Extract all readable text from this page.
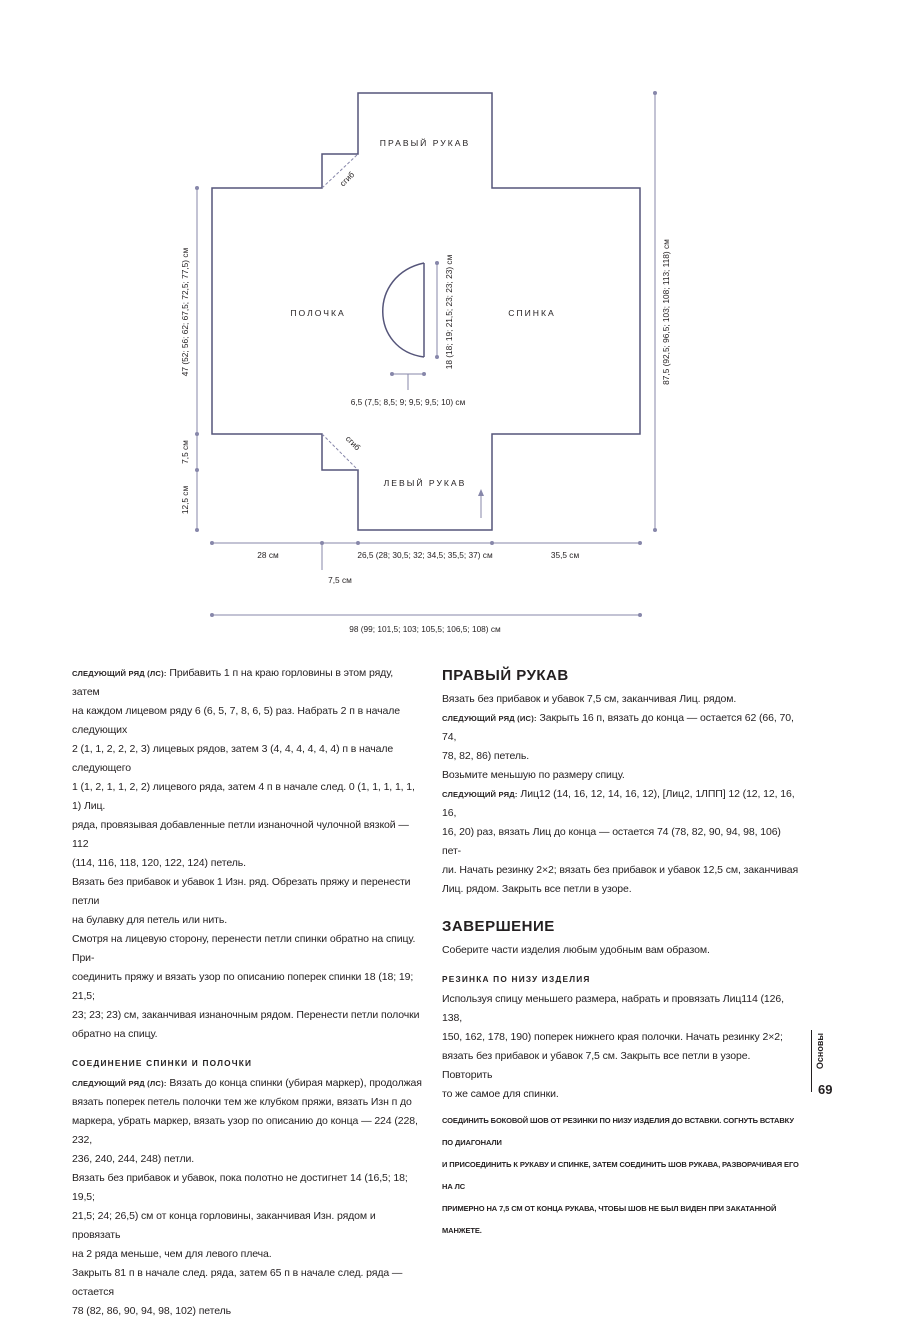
ПРАВЫЙ РУКАВ
ЛЕВЫЙ РУКАВ
ПОЛОЧКА	СПИНКА
сгиб
сгиб
47 (52; 56; 62; 67,5; 72,5; 77,5) см
7,5 см
12,5 см
87,5 (92,5; 96,5; 103; 108; 113; 118) см
18 (18; 19; 21,5; 23; 23; 23) см
6,5 (7,5; 8,5; 9; 9,5; 9,5; 10) см
28 см
7,5 см
26,5 (28; 30,5; 32; 34,5; 35,5; 37) см	35,5 см
98 (99; 101,5; 103; 105,5; 106,5; 108) см

СЛЕДУЮЩИЙ РЯД (ЛС): Прибавить 1 п на краю горловины в этом ряду, затем
на каждом лицевом ряду 6 (6, 5, 7, 8, 6, 5) раз. Набрать 2 п в начале следующих
2 (1, 1, 2, 2, 2, 3) лицевых рядов, затем 3 (4, 4, 4, 4, 4, 4) п в начале следующего
1 (1, 2, 1, 1, 2, 2) лицевого ряда, затем 4 п в начале след. 0 (1, 1, 1, 1, 1, 1) Лиц.
ряда, провязывая добавленные петли изнаночной чулочной вязкой — 112
(114, 116, 118, 120, 122, 124) петель.

Вязать без прибавок и убавок 1 Изн. ряд. Обрезать пряжу и перенести петли
на булавку для петель или нить.

Смотря на лицевую сторону, перенести петли спинки обратно на спицу. При-
соединить пряжу и вязать узор по описанию поперек спинки 18 (18; 19; 21,5;
23; 23; 23) см, заканчивая изнаночным рядом. Перенести петли полочки
обратно на спицу.

СОЕДИНЕНИЕ СПИНКИ И ПОЛОЧКИ

СЛЕДУЮЩИЙ РЯД (ЛС): Вязать до конца спинки (убирая маркер), продолжая
вязать поперек петель полочки тем же клубком пряжи, вязать Изн п до
маркера, убрать маркер, вязать узор по описанию до конца — 224 (228, 232,
236, 240, 244, 248) петли.

Вязать без прибавок и убавок, пока полотно не достигнет 14 (16,5; 18; 19,5;
21,5; 24; 26,5) см от конца горловины, заканчивая Изн. рядом и провязать
на 2 ряда меньше, чем для левого плеча.

Закрыть 81 п в начале след. ряда, затем 65 п в начале след. ряда — остается
78 (82, 86, 90, 94, 98, 102) петель

ПРАВЫЙ РУКАВ

Вязать без прибавок и убавок 7,5 см, заканчивая Лиц. рядом.

СЛЕДУЮЩИЙ РЯД (ИС): Закрыть 16 п, вязать до конца — остается 62 (66, 70, 74,
78, 82, 86) петель.

Возьмите меньшую по размеру спицу.

СЛЕДУЮЩИЙ РЯД: Лиц12 (14, 16, 12, 14, 16, 12), [Лиц2, 1ЛПП] 12 (12, 12, 16, 16,
16, 20) раз, вязать Лиц до конца — остается 74 (78, 82, 90, 94, 98, 106) пет-
ли. Начать резинку 2×2; вязать без прибавок и убавок 12,5 см, заканчивая
Лиц. рядом. Закрыть все петли в узоре.

ЗАВЕРШЕНИЕ

Соберите части изделия любым удобным вам образом.

РЕЗИНКА ПО НИЗУ ИЗДЕЛИЯ

Используя спицу меньшего размера, набрать и провязать Лиц114 (126, 138,
150, 162, 178, 190) поперек нижнего края полочки. Начать резинку 2×2;
вязать без прибавок и убавок 7,5 см. Закрыть все петли в узоре. Повторить
то же самое для спинки.

СОЕДИНИТЬ БОКОВОЙ ШОВ ОТ РЕЗИНКИ ПО НИЗУ ИЗДЕЛИЯ ДО ВСТАВКИ. СОГНУТЬ ВСТАВКУ ПО ДИАГОНАЛИ
И ПРИСОЕДИНИТЬ К РУКАВУ И СПИНКЕ, ЗАТЕМ СОЕДИНИТЬ ШОВ РУКАВА, РАЗВОРАЧИВАЯ ЕГО НА ЛС
ПРИМЕРНО НА 7,5 СМ ОТ КОНЦА РУКАВА, ЧТОБЫ ШОВ НЕ БЫЛ ВИДЕН ПРИ ЗАКАТАННОЙ МАНЖЕТЕ.
Основы
69
